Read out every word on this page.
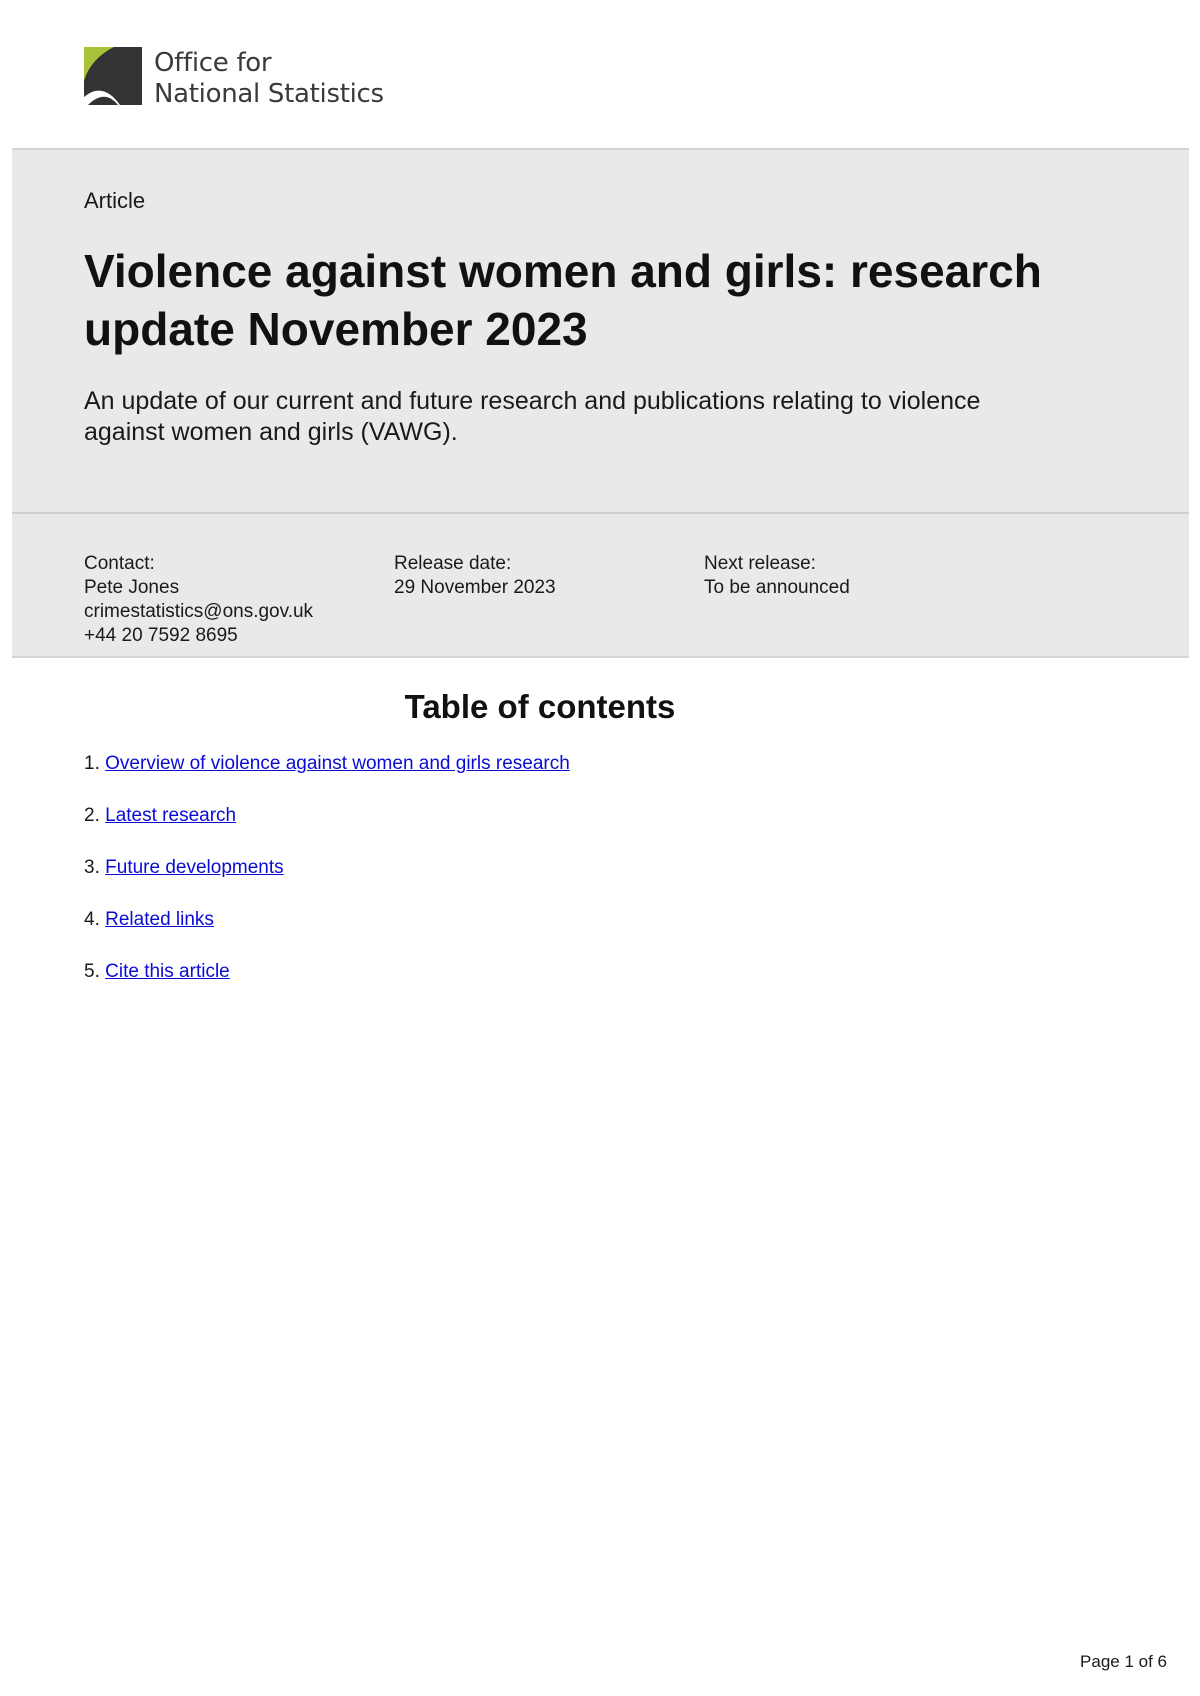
Office for
National Statistics
Article
Violence against women and girls: research update November 2023

An update of our current and future research and publications relating to violence against women and girls (VAWG).

Contact:
Pete Jones
crimestatistics@ons.gov.uk
+44 20 7592 8695
Release date:
29 November 2023
Next release:
To be announced
Table of contents
1. Overview of violence against women and girls research
2. Latest research
3. Future developments
4. Related links
5. Cite this article
Page 1 of 6
